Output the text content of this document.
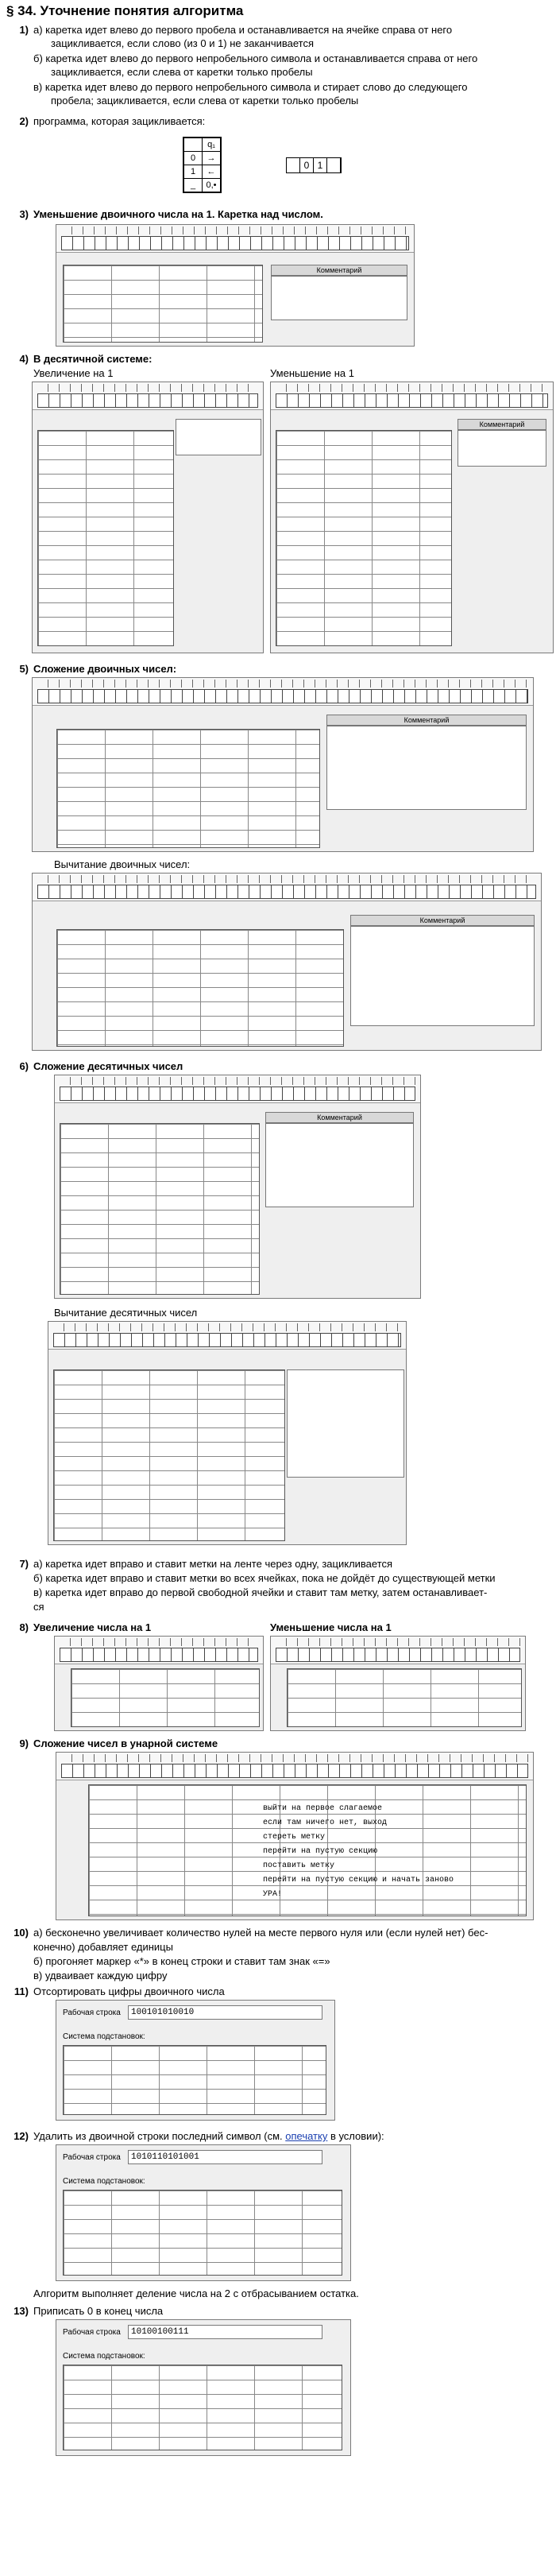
§ 34. Уточнение понятия алгоритма
1) а) каретка идет влево до первого пробела и останавливается на ячейке справа от него
зацикливается, если слово (из 0 и 1) не заканчивается
б) каретка идет влево до первого непробельного символа и останавливается справа от него
зацикливается, если слева от каретки только пробелы
в) каретка идет влево до первого непробельного символа и стирает слово до следующего
пробела; зацикливается, если слева от каретки только пробелы
2) программа, которая зацикливается:
	q₁
0	→
1	←
_	0,•
0 1
3) Уменьшение двоичного числа на 1. Каретка над числом.
Комментарий
4) В десятичной системе:
Увеличение на 1	Уменьшение на 1
Комментарий
5) Сложение двоичных чисел:
Комментарий
Вычитание двоичных чисел:
Комментарий
6) Сложение десятичных чисел
Комментарий
Вычитание десятичных чисел
7) а) каретка идет вправо и ставит метки на ленте через одну, зацикливается
б) каретка идет вправо и ставит метки во всех ячейках, пока не дойдёт до существующей метки
в) каретка идет вправо до первой свободной ячейки и ставит там метку, затем останавливает-
ся
8) Увеличение числа на 1	Уменьшение числа на 1
9) Сложение чисел в унарной системе
выйти на первое слагаемое
если там ничего нет, выход
стереть метку
перейти на пустую секцию
поставить метку
перейти на пустую секцию и начать заново
УРА!
10) а) бесконечно увеличивает количество нулей на месте первого нуля или (если нулей нет) бес-
конечно) добавляет единицы
б) прогоняет маркер «*» в конец строки и ставит там знак «=»
в) удваивает каждую цифру
11) Отсортировать цифры двоичного числа
Рабочая строка	100101010010
Система подстановок:
12) Удалить из двоичной строки последний символ (см. опечатку в условии):
Рабочая строка	1010110101001
Система подстановок:
Алгоритм выполняет деление числа на 2 с отбрасыванием остатка.
13) Приписать 0 в конец числа
Рабочая строка	10100100111
Система подстановок:
